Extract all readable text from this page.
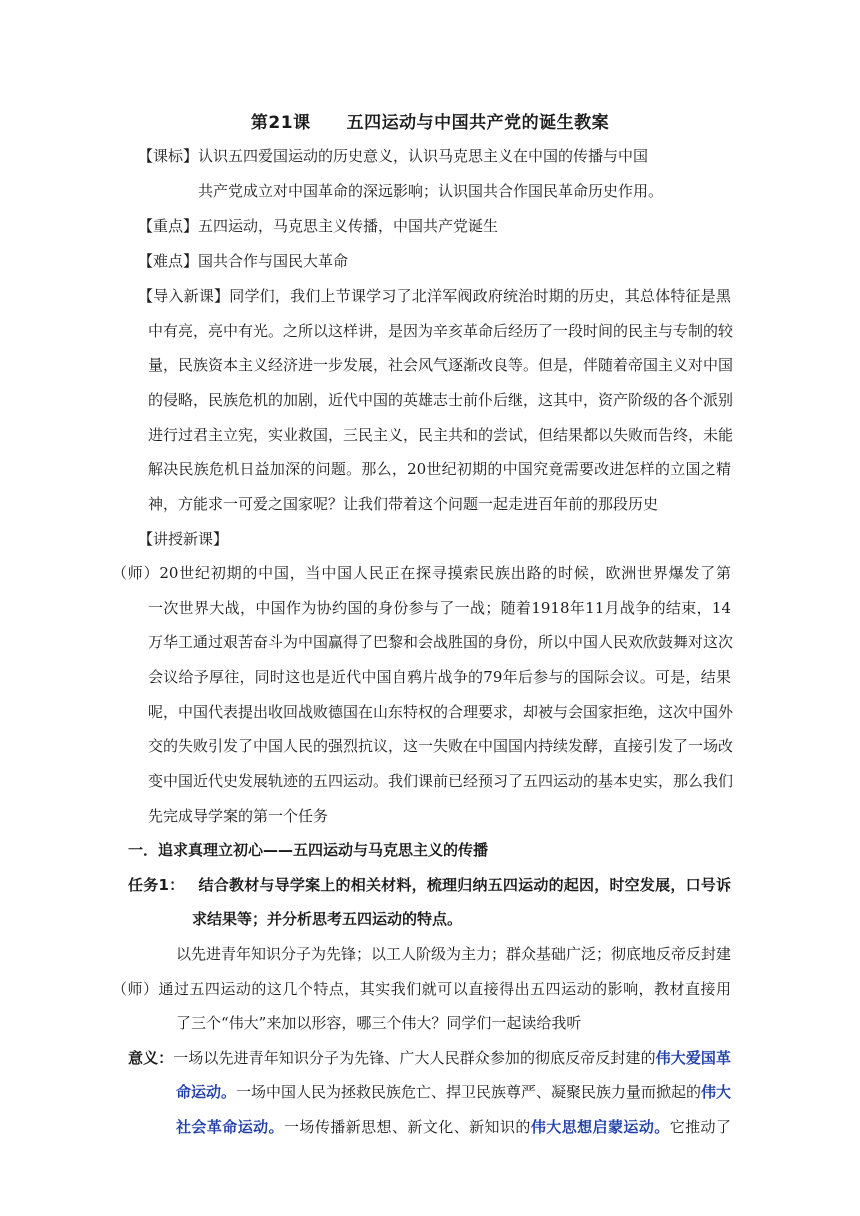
第21课 五四运动与中国共产党的诞生教案
【课标】认识五四爱国运动的历史意义，认识马克思主义在中国的传播与中国
共产党成立对中国革命的深远影响；认识国共合作国民革命历史作用。
【重点】五四运动，马克思主义传播，中国共产党诞生
【难点】国共合作与国民大革命
【导入新课】同学们，我们上节课学习了北洋军阀政府统治时期的历史，其总体特征是黑
中有亮，亮中有光。之所以这样讲，是因为辛亥革命后经历了一段时间的民主与专制的较
量，民族资本主义经济进一步发展，社会风气逐渐改良等。但是，伴随着帝国主义对中国
的侵略，民族危机的加剧，近代中国的英雄志士前仆后继，这其中，资产阶级的各个派别
进行过君主立宪，实业救国，三民主义，民主共和的尝试，但结果都以失败而告终，未能
解决民族危机日益加深的问题。那么，20世纪初期的中国究竟需要改进怎样的立国之精
神，方能求一可爱之国家呢？让我们带着这个问题一起走进百年前的那段历史
【讲授新课】
（师）20世纪初期的中国，当中国人民正在探寻摸索民族出路的时候，欧洲世界爆发了第
一次世界大战，中国作为协约国的身份参与了一战；随着1918年11月战争的结束，14
万华工通过艰苦奋斗为中国赢得了巴黎和会战胜国的身份，所以中国人民欢欣鼓舞对这次
会议给予厚往，同时这也是近代中国自鸦片战争的79年后参与的国际会议。可是，结果
呢，中国代表提出收回战败德国在山东特权的合理要求，却被与会国家拒绝，这次中国外
交的失败引发了中国人民的强烈抗议，这一失败在中国国内持续发酵，直接引发了一场改
变中国近代史发展轨迹的五四运动。我们课前已经预习了五四运动的基本史实，那么我们
先完成导学案的第一个任务
一．追求真理立初心——五四运动与马克思主义的传播
任务1： 结合教材与导学案上的相关材料，梳理归纳五四运动的起因，时空发展，口号诉
求结果等；并分析思考五四运动的特点。
以先进青年知识分子为先锋；以工人阶级为主力；群众基础广泛；彻底地反帝反封建
（师）通过五四运动的这几个特点，其实我们就可以直接得出五四运动的影响，教材直接用
了三个“伟大”来加以形容，哪三个伟大？同学们一起读给我听
意义：一场以先进青年知识分子为先锋、广大人民群众参加的彻底反帝反封建的伟大爱国革
命运动。一场中国人民为拯救民族危亡、捍卫民族尊严、凝聚民族力量而掀起的伟大
社会革命运动。一场传播新思想、新文化、新知识的伟大思想启蒙运动。它推动了
